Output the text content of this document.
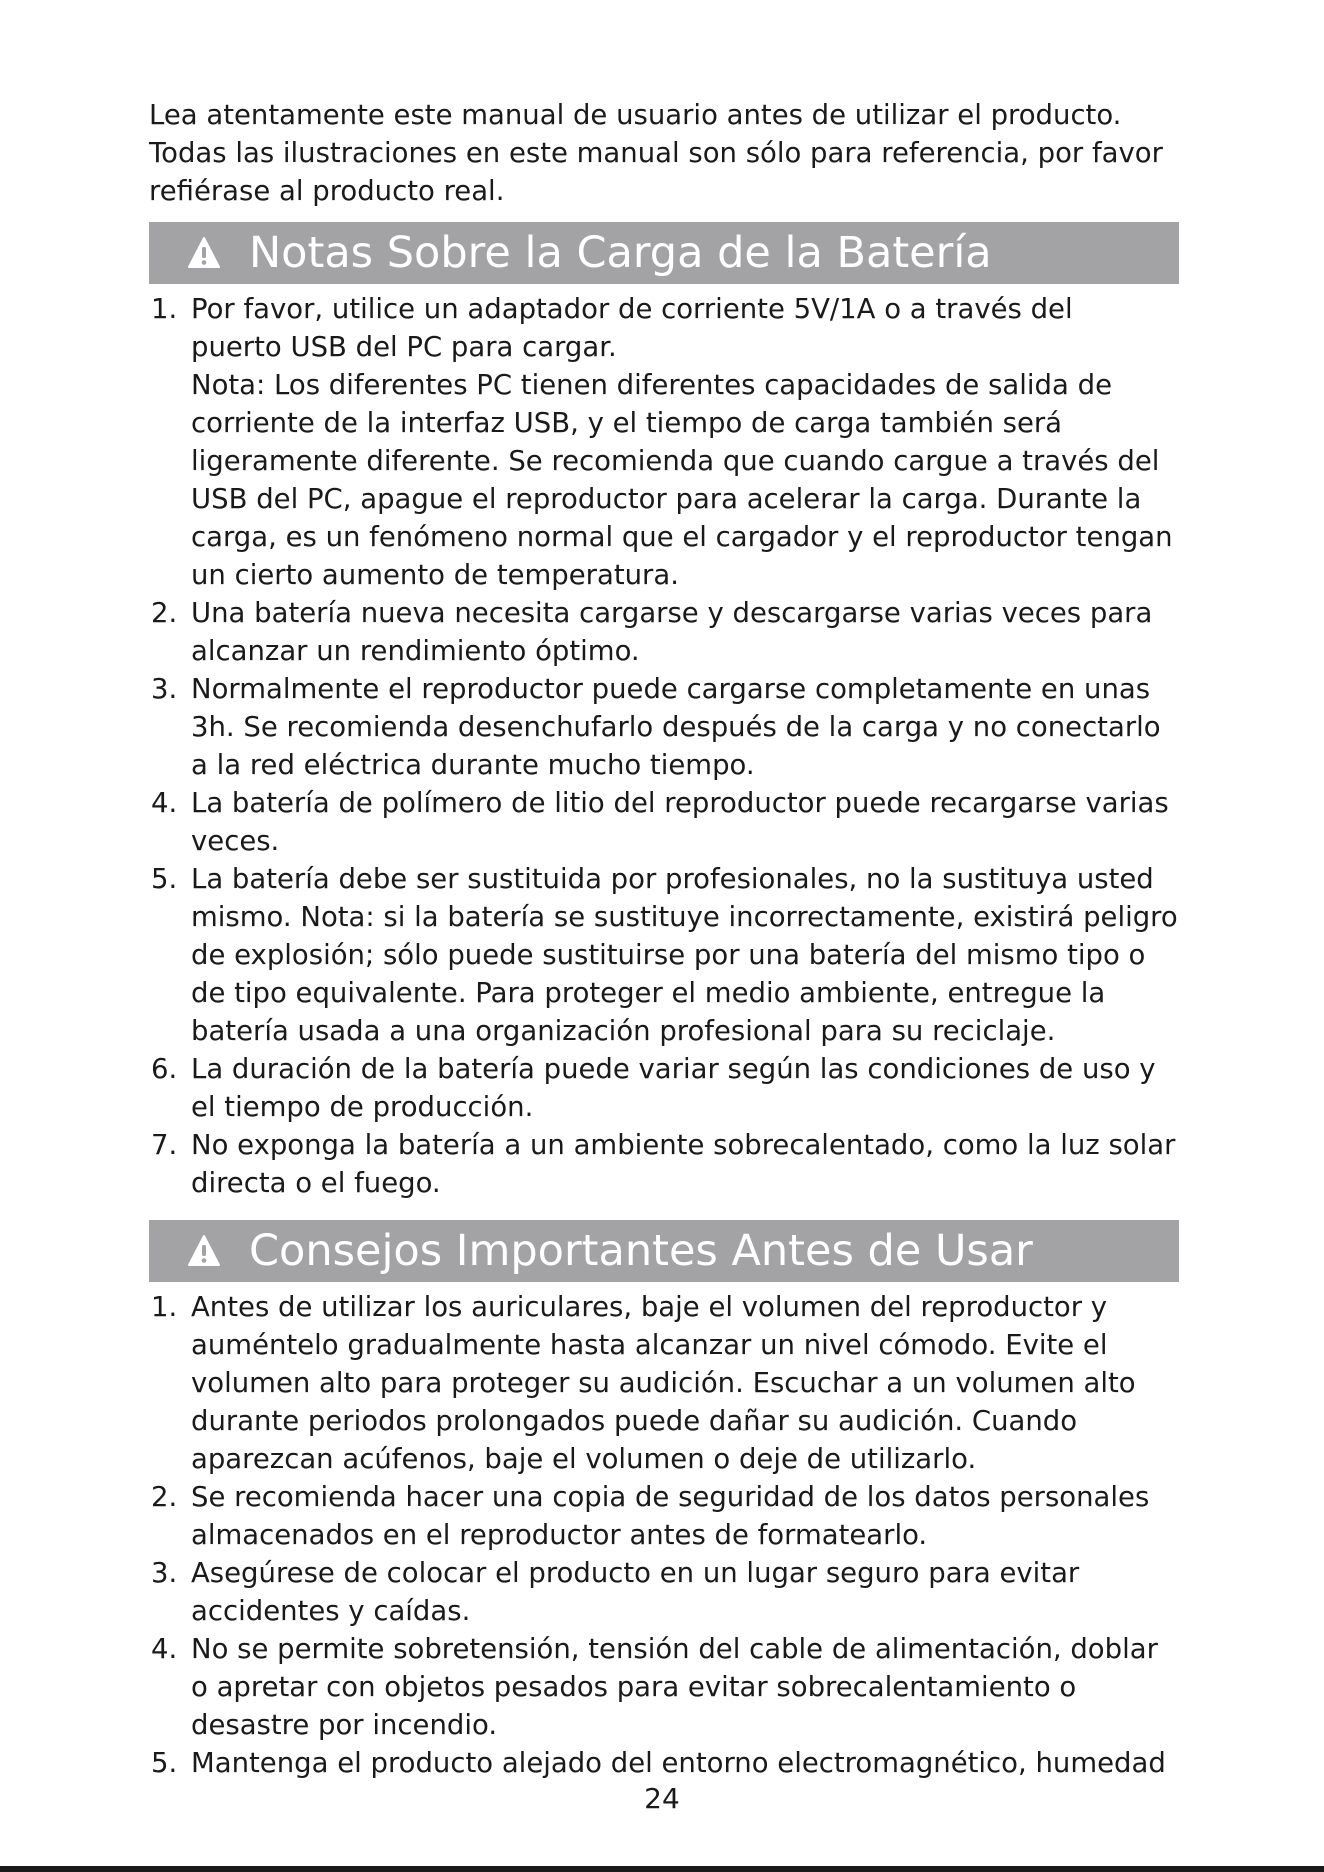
Lea atentamente este manual de usuario antes de utilizar el producto.

Todas las ilustraciones en este manual son sólo para referencia, por favor

refiérase al producto real.

Notas Sobre la Carga de la Batería
1. Por favor, utilice un adaptador de corriente 5V/1A o a través del
puerto USB del PC para cargar.
Nota: Los diferentes PC tienen diferentes capacidades de salida de
corriente de la interfaz USB, y el tiempo de carga también será
ligeramente diferente. Se recomienda que cuando cargue a través del
USB del PC, apague el reproductor para acelerar la carga. Durante la
carga, es un fenómeno normal que el cargador y el reproductor tengan
un cierto aumento de temperatura.
2. Una batería nueva necesita cargarse y descargarse varias veces para
alcanzar un rendimiento óptimo.
3. Normalmente el reproductor puede cargarse completamente en unas
3h. Se recomienda desenchufarlo después de la carga y no conectarlo
a la red eléctrica durante mucho tiempo.
4. La batería de polímero de litio del reproductor puede recargarse varias
veces.
5. La batería debe ser sustituida por profesionales, no la sustituya usted
mismo. Nota: si la batería se sustituye incorrectamente, existirá peligro
de explosión; sólo puede sustituirse por una batería del mismo tipo o
de tipo equivalente. Para proteger el medio ambiente, entregue la
batería usada a una organización profesional para su reciclaje.
6. La duración de la batería puede variar según las condiciones de uso y
el tiempo de producción.
7. No exponga la batería a un ambiente sobrecalentado, como la luz solar
directa o el fuego.
Consejos Importantes Antes de Usar
1. Antes de utilizar los auriculares, baje el volumen del reproductor y
auméntelo gradualmente hasta alcanzar un nivel cómodo. Evite el
volumen alto para proteger su audición. Escuchar a un volumen alto
durante periodos prolongados puede dañar su audición. Cuando
aparezcan acúfenos, baje el volumen o deje de utilizarlo.
2. Se recomienda hacer una copia de seguridad de los datos personales
almacenados en el reproductor antes de formatearlo.
3. Asegúrese de colocar el producto en un lugar seguro para evitar
accidentes y caídas.
4. No se permite sobretensión, tensión del cable de alimentación, doblar
o apretar con objetos pesados para evitar sobrecalentamiento o
desastre por incendio.
5. Mantenga el producto alejado del entorno electromagnético, humedad
24
